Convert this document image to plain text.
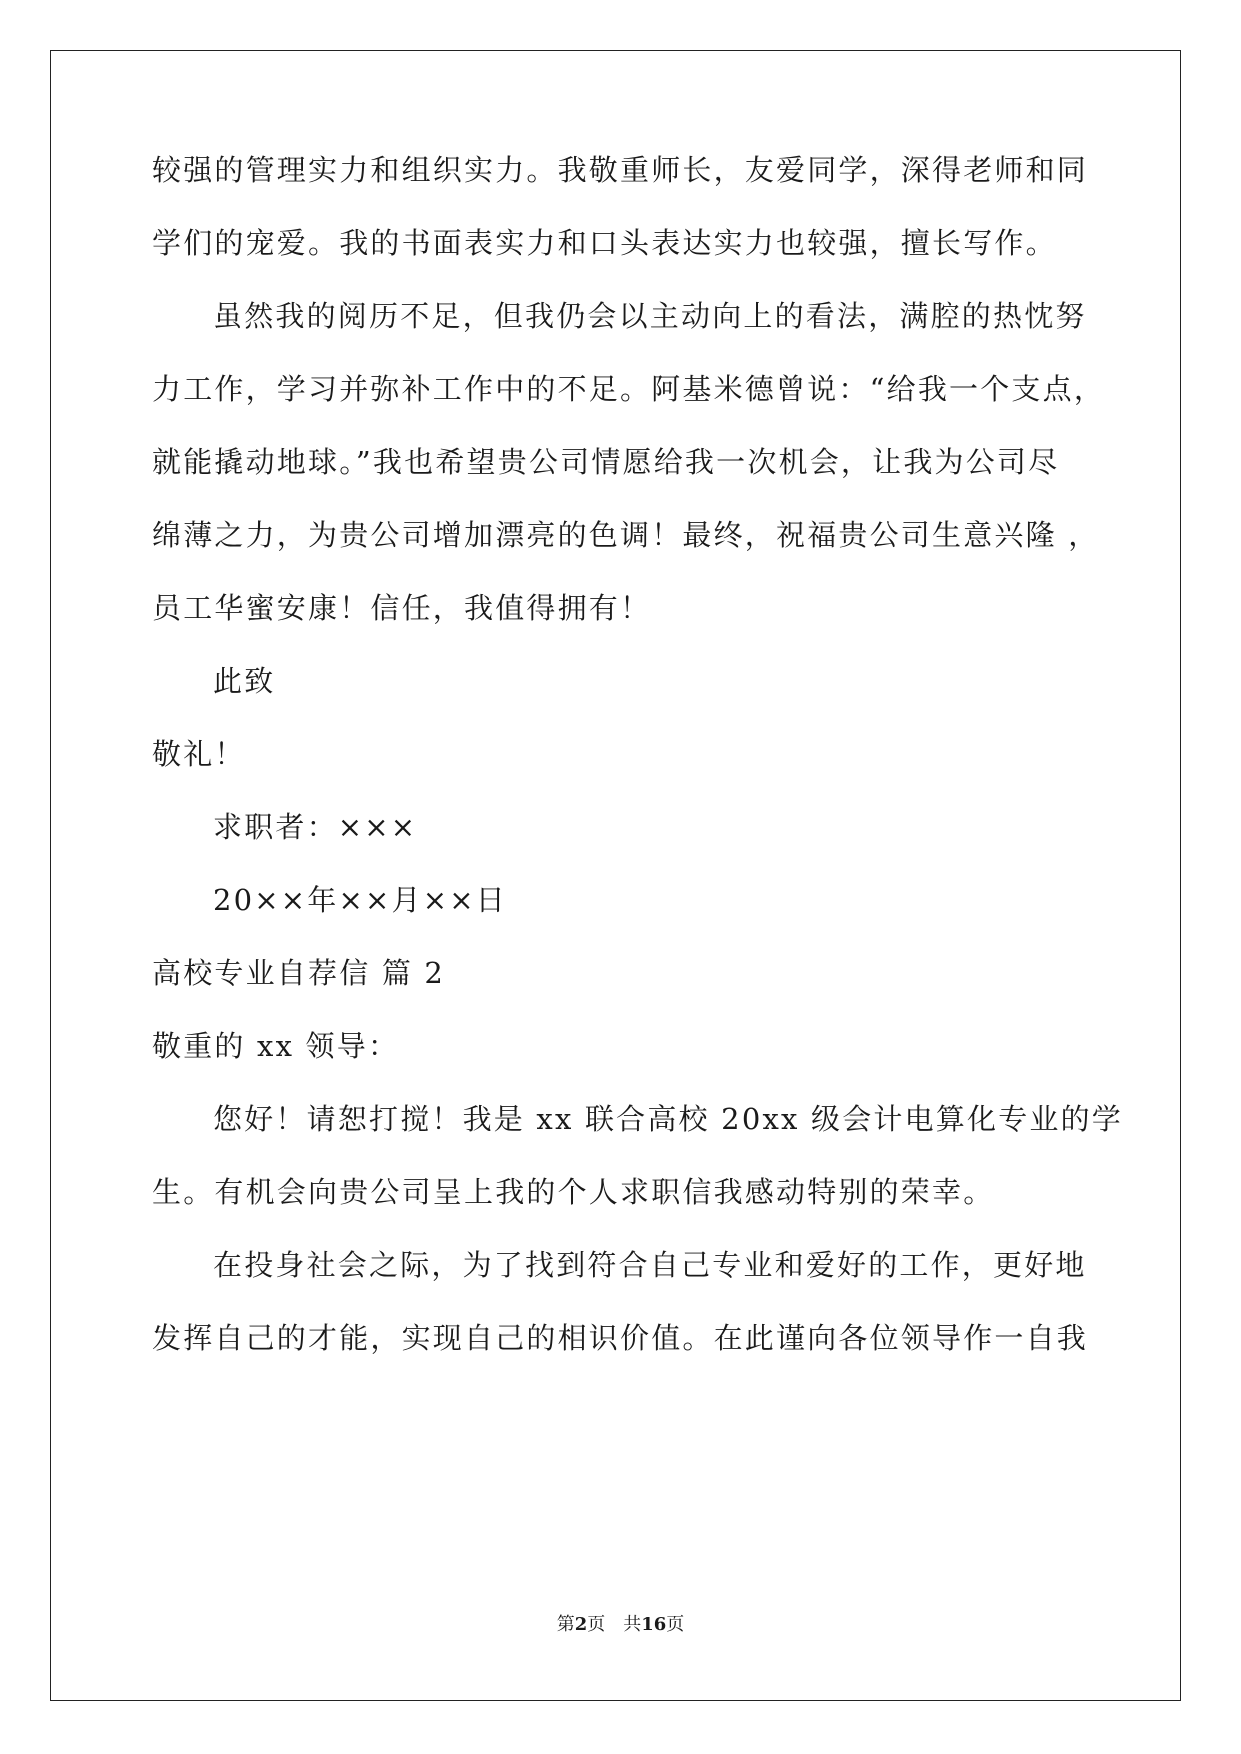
较强的管理实力和组织实力。我敬重师长，友爱同学，深得老师和同
学们的宠爱。我的书面表实力和口头表达实力也较强，擅长写作。
虽然我的阅历不足，但我仍会以主动向上的看法，满腔的热忱努
力工作，学习并弥补工作中的不足。阿基米德曾说：“给我一个支点，
就能撬动地球。”我也希望贵公司情愿给我一次机会，让我为公司尽
绵薄之力，为贵公司增加漂亮的色调！最终，祝福贵公司生意兴隆 ，
员工华蜜安康！信任，我值得拥有！
此致
敬礼！
求职者：×××
20××年××月××日
高校专业自荐信 篇 2
敬重的 xx 领导：
您好！请恕打搅！我是 xx 联合高校 20xx 级会计电算化专业的学
生。有机会向贵公司呈上我的个人求职信我感动特别的荣幸。
在投身社会之际，为了找到符合自己专业和爱好的工作，更好地
发挥自己的才能，实现自己的相识价值。在此谨向各位领导作一自我
第2页　共16页
